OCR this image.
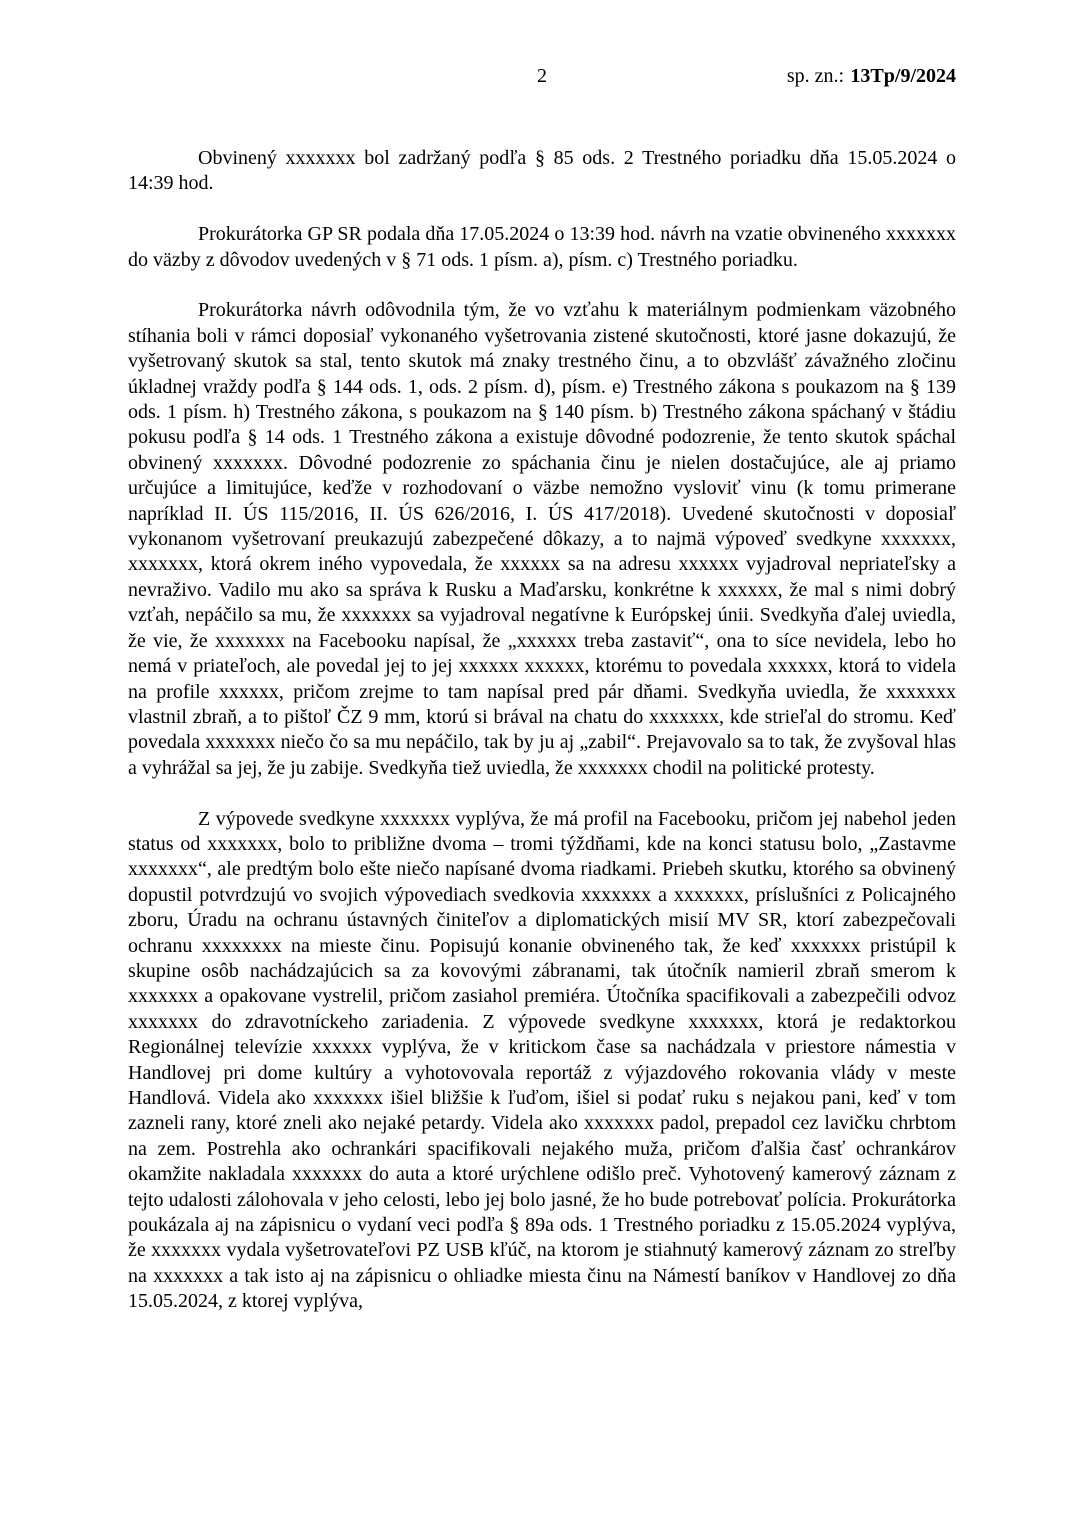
2	sp. zn.: 13Tp/9/2024

Obvinený xxxxxxx bol zadržaný podľa § 85 ods. 2 Trestného poriadku dňa 15.05.2024 o 14:39 hod.

Prokurátorka GP SR podala dňa 17.05.2024 o 13:39 hod. návrh na vzatie obvineného xxxxxxx do väzby z dôvodov uvedených v § 71 ods. 1 písm. a), písm. c) Trestného poriadku.

Prokurátorka návrh odôvodnila tým, že vo vzťahu k materiálnym podmienkam väzobného stíhania boli v rámci doposiaľ vykonaného vyšetrovania zistené skutočnosti, ktoré jasne dokazujú, že vyšetrovaný skutok sa stal, tento skutok má znaky trestného činu, a to obzvlášť závažného zločinu úkladnej vraždy podľa § 144 ods. 1, ods. 2 písm. d), písm. e) Trestného zákona s poukazom na § 139 ods. 1 písm. h) Trestného zákona, s poukazom na § 140 písm. b) Trestného zákona spáchaný v štádiu pokusu podľa § 14 ods. 1 Trestného zákona a existuje dôvodné podozrenie, že tento skutok spáchal obvinený xxxxxxx. Dôvodné podozrenie zo spáchania činu je nielen dostačujúce, ale aj priamo určujúce a limitujúce, keďže v rozhodovaní o väzbe nemožno vysloviť vinu (k tomu primerane napríklad II. ÚS 115/2016, II. ÚS 626/2016, I. ÚS 417/2018). Uvedené skutočnosti v doposiaľ vykonanom vyšetrovaní preukazujú zabezpečené dôkazy, a to najmä výpoveď svedkyne xxxxxxx, xxxxxxx, ktorá okrem iného vypovedala, že xxxxxx sa na adresu xxxxxx vyjadroval nepriateľsky a nevraživo. Vadilo mu ako sa správa k Rusku a Maďarsku, konkrétne k xxxxxx, že mal s nimi dobrý vzťah, nepáčilo sa mu, že xxxxxxx sa vyjadroval negatívne k Európskej únii. Svedkyňa ďalej uviedla, že vie, že xxxxxxx na Facebooku napísal, že „xxxxxx treba zastaviť“, ona to síce nevidela, lebo ho nemá v priateľoch, ale povedal jej to jej xxxxxx xxxxxx, ktorému to povedala xxxxxx, ktorá to videla na profile xxxxxx, pričom zrejme to tam napísal pred pár dňami. Svedkyňa uviedla, že xxxxxxx vlastnil zbraň, a to pištoľ ČZ 9 mm, ktorú si brával na chatu do xxxxxxx, kde strieľal do stromu. Keď povedala xxxxxxx niečo čo sa mu nepáčilo, tak by ju aj „zabil“. Prejavovalo sa to tak, že zvyšoval hlas a vyhrážal sa jej, že ju zabije. Svedkyňa tiež uviedla, že xxxxxxx chodil na politické protesty.

Z výpovede svedkyne xxxxxxx vyplýva, že má profil na Facebooku, pričom jej nabehol jeden status od xxxxxxx, bolo to približne dvoma – tromi týždňami, kde na konci statusu bolo, „Zastavme xxxxxxx“, ale predtým bolo ešte niečo napísané dvoma riadkami. Priebeh skutku, ktorého sa obvinený dopustil potvrdzujú vo svojich výpovediach svedkovia xxxxxxx a xxxxxxx, príslušníci z Policajného zboru, Úradu na ochranu ústavných činiteľov a diplomatických misií MV SR, ktorí zabezpečovali ochranu xxxxxxxx na mieste činu. Popisujú konanie obvineného tak, že keď xxxxxxx pristúpil k skupine osôb nachádzajúcich sa za kovovými zábranami, tak útočník namieril zbraň smerom k xxxxxxx a opakovane vystrelil, pričom zasiahol premiéra. Útočníka spacifikovali a zabezpečili odvoz xxxxxxx do zdravotníckeho zariadenia. Z výpovede svedkyne xxxxxxx, ktorá je redaktorkou Regionálnej televízie xxxxxx vyplýva, že v kritickom čase sa nachádzala v priestore námestia v Handlovej pri dome kultúry a vyhotovovala reportáž z výjazdového rokovania vlády v meste Handlová. Videla ako xxxxxxx išiel bližšie k ľuďom, išiel si podať ruku s nejakou pani, keď v tom zazneli rany, ktoré zneli ako nejaké petardy. Videla ako xxxxxxx padol, prepadol cez lavičku chrbtom na zem. Postrehla ako ochrankári spacifikovali nejakého muža, pričom ďalšia časť ochrankárov okamžite nakladala xxxxxxx do auta a ktoré urýchlene odišlo preč. Vyhotovený kamerový záznam z tejto udalosti zálohovala v jeho celosti, lebo jej bolo jasné, že ho bude potrebovať polícia. Prokurátorka poukázala aj na zápisnicu o vydaní veci podľa § 89a ods. 1 Trestného poriadku z 15.05.2024 vyplýva, že xxxxxxx vydala vyšetrovateľovi PZ USB kľúč, na ktorom je stiahnutý kamerový záznam zo streľby na xxxxxxx a tak isto aj na zápisnicu o ohliadke miesta činu na Námestí baníkov v Handlovej zo dňa 15.05.2024, z ktorej vyplýva,
